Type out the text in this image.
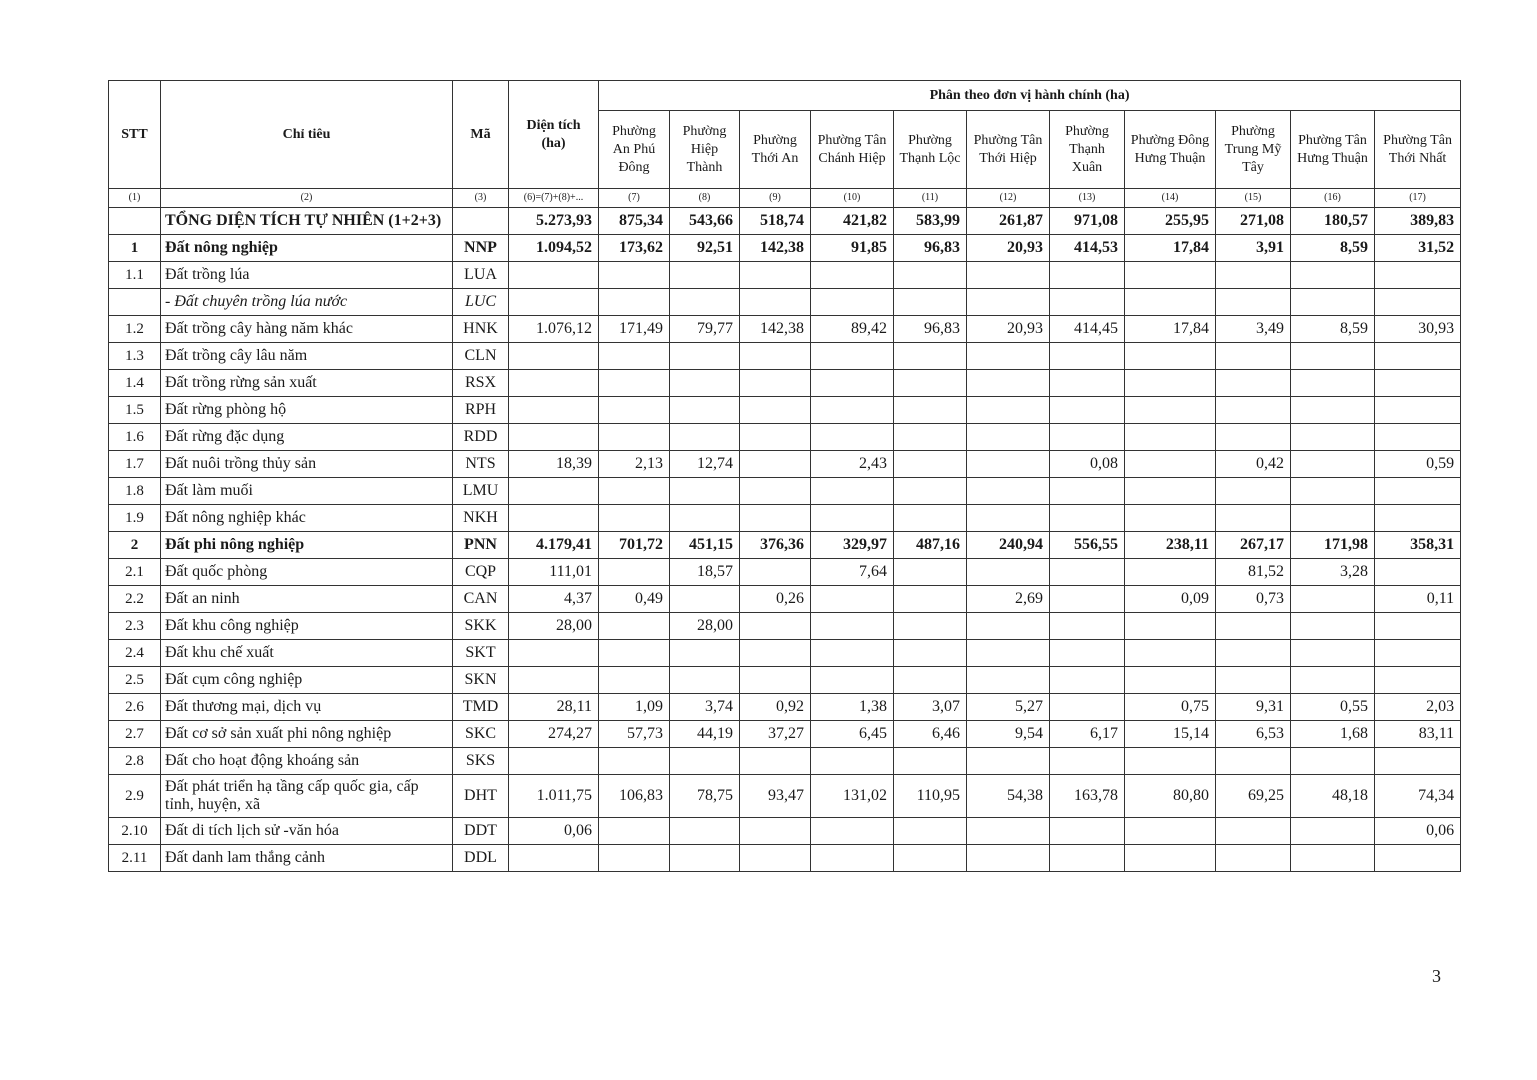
STT	Chỉ tiêu	Mã	Diện tích (ha)	Phân theo đơn vị hành chính (ha)										
				Phường An Phú Đông	Phường Hiệp Thành	Phường Thới An	Phường Tân Chánh Hiệp	Phường Thạnh Lộc	Phường Tân Thới Hiệp	Phường Thạnh Xuân	Phường Đông Hưng Thuận	Phường Trung Mỹ Tây	Phường Tân Hưng Thuận	Phường Tân Thới Nhất
(1)	(2)	(3)	(6)=(7)+(8)+...	(7)	(8)	(9)	(10)	(11)	(12)	(13)	(14)	(15)	(16)	(17)
	TỔNG DIỆN TÍCH TỰ NHIÊN (1+2+3)		5.273,93	875,34	543,66	518,74	421,82	583,99	261,87	971,08	255,95	271,08	180,57	389,83
1	Đất nông nghiệp	NNP	1.094,52	173,62	92,51	142,38	91,85	96,83	20,93	414,53	17,84	3,91	8,59	31,52
1.1	Đất trồng lúa	LUA												
	- Đất chuyên trồng lúa nước	LUC												
1.2	Đất trồng cây hàng năm khác	HNK	1.076,12	171,49	79,77	142,38	89,42	96,83	20,93	414,45	17,84	3,49	8,59	30,93
1.3	Đất trồng cây lâu năm	CLN												
1.4	Đất trồng rừng sản xuất	RSX												
1.5	Đất rừng phòng hộ	RPH												
1.6	Đất rừng đặc dụng	RDD												
1.7	Đất nuôi trồng thủy sản	NTS	18,39	2,13	12,74		2,43			0,08		0,42		0,59
1.8	Đất làm muối	LMU												
1.9	Đất nông nghiệp khác	NKH												
2	Đất phi nông nghiệp	PNN	4.179,41	701,72	451,15	376,36	329,97	487,16	240,94	556,55	238,11	267,17	171,98	358,31
2.1	Đất quốc phòng	CQP	111,01		18,57		7,64					81,52	3,28	
2.2	Đất an ninh	CAN	4,37	0,49		0,26			2,69		0,09	0,73		0,11
2.3	Đất khu công nghiệp	SKK	28,00		28,00									
2.4	Đất khu chế xuất	SKT												
2.5	Đất cụm công nghiệp	SKN												
2.6	Đất thương mại, dịch vụ	TMD	28,11	1,09	3,74	0,92	1,38	3,07	5,27		0,75	9,31	0,55	2,03
2.7	Đất cơ sở sản xuất phi nông nghiệp	SKC	274,27	57,73	44,19	37,27	6,45	6,46	9,54	6,17	15,14	6,53	1,68	83,11
2.8	Đất cho hoạt động khoáng sản	SKS												
2.9	Đất phát triển hạ tầng cấp quốc gia, cấp tỉnh, huyện, xã	DHT	1.011,75	106,83	78,75	93,47	131,02	110,95	54,38	163,78	80,80	69,25	48,18	74,34
2.10	Đất di tích lịch sử -văn hóa	DDT	0,06											0,06
2.11	Đất danh lam thắng cảnh	DDL												
3
